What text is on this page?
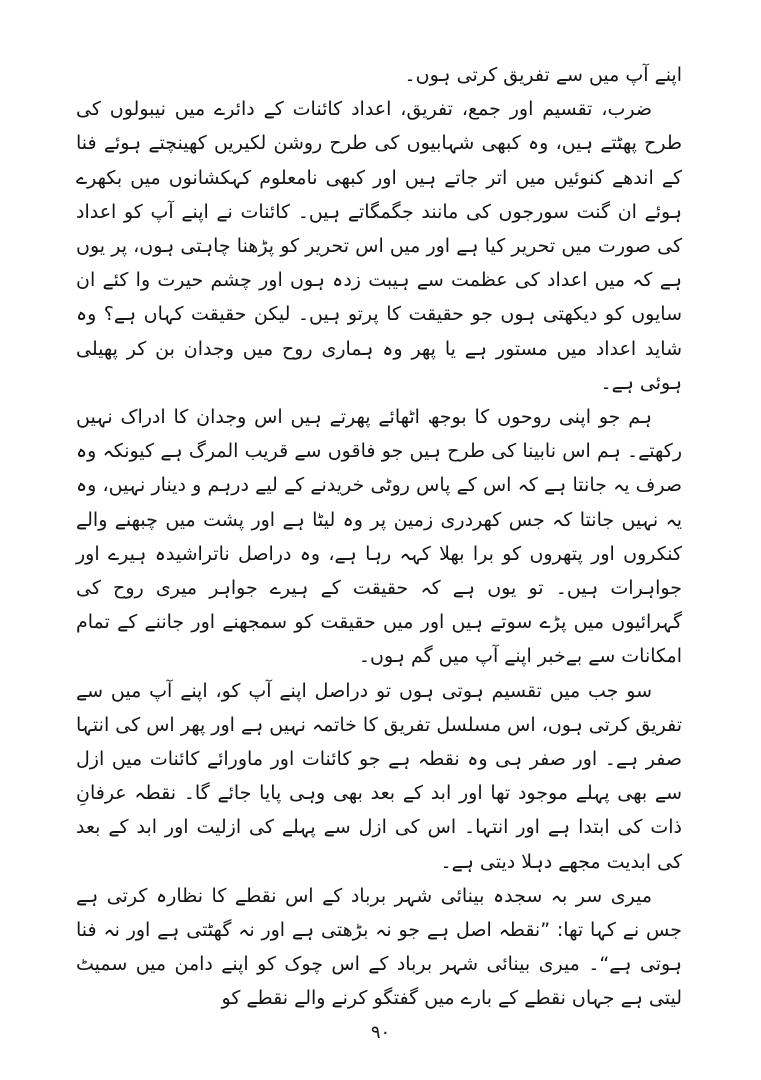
اپنے آپ میں سے تفریق کرتی ہوں۔

ضرب، تقسیم اور جمع، تفریق، اعداد کائنات کے دائرے میں نیبولوں کی طرح پھٹتے ہیں، وہ کبھی شہابیوں کی طرح روشن لکیریں کھینچتے ہوئے فنا کے اندھے کنوئیں میں اتر جاتے ہیں اور کبھی نامعلوم کہکشانوں میں بکھرے ہوئے ان گنت سورجوں کی مانند جگمگاتے ہیں۔ کائنات نے اپنے آپ کو اعداد کی صورت میں تحریر کیا ہے اور میں اس تحریر کو پڑھنا چاہتی ہوں، پر یوں ہے کہ میں اعداد کی عظمت سے ہیبت زدہ ہوں اور چشم حیرت وا کئے ان سایوں کو دیکھتی ہوں جو حقیقت کا پرتو ہیں۔ لیکن حقیقت کہاں ہے؟ وہ شاید اعداد میں مستور ہے یا پھر وہ ہماری روح میں وجدان بن کر پھیلی ہوئی ہے۔

ہم جو اپنی روحوں کا بوجھ اٹھائے پھرتے ہیں اس وجدان کا ادراک نہیں رکھتے۔ ہم اس نابینا کی طرح ہیں جو فاقوں سے قریب المرگ ہے کیونکہ وہ صرف یہ جانتا ہے کہ اس کے پاس روٹی خریدنے کے لیے درہم و دینار نہیں، وہ یہ نہیں جانتا کہ جس کھردری زمین پر وہ لیٹا ہے اور پشت میں چبھنے والے کنکروں اور پتھروں کو برا بھلا کہہ رہا ہے، وہ دراصل ناتراشیدہ ہیرے اور جواہرات ہیں۔ تو یوں ہے کہ حقیقت کے ہیرے جواہر میری روح کی گہرائیوں میں پڑے سوتے ہیں اور میں حقیقت کو سمجھنے اور جاننے کے تمام امکانات سے بےخبر اپنے آپ میں گم ہوں۔

سو جب میں تقسیم ہوتی ہوں تو دراصل اپنے آپ کو، اپنے آپ میں سے تفریق کرتی ہوں، اس مسلسل تفریق کا خاتمہ نہیں ہے اور پھر اس کی انتہا صفر ہے۔ اور صفر ہی وہ نقطہ ہے جو کائنات اور ماورائے کائنات میں ازل سے بھی پہلے موجود تھا اور ابد کے بعد بھی وہی پایا جائے گا۔ نقطہ عرفانِ ذات کی ابتدا ہے اور انتہا۔ اس کی ازل سے پہلے کی ازلیت اور ابد کے بعد کی ابدیت مجھے دہلا دیتی ہے۔

میری سر بہ سجدہ بینائی شہر برباد کے اس نقطے کا نظارہ کرتی ہے جس نے کہا تھا: ”نقطہ اصل ہے جو نہ بڑھتی ہے اور نہ گھٹتی ہے اور نہ فنا ہوتی ہے“۔ میری بینائی شہر برباد کے اس چوک کو اپنے دامن میں سمیٹ لیتی ہے جہاں نقطے کے بارے میں گفتگو کرنے والے نقطے کو

۹۰
